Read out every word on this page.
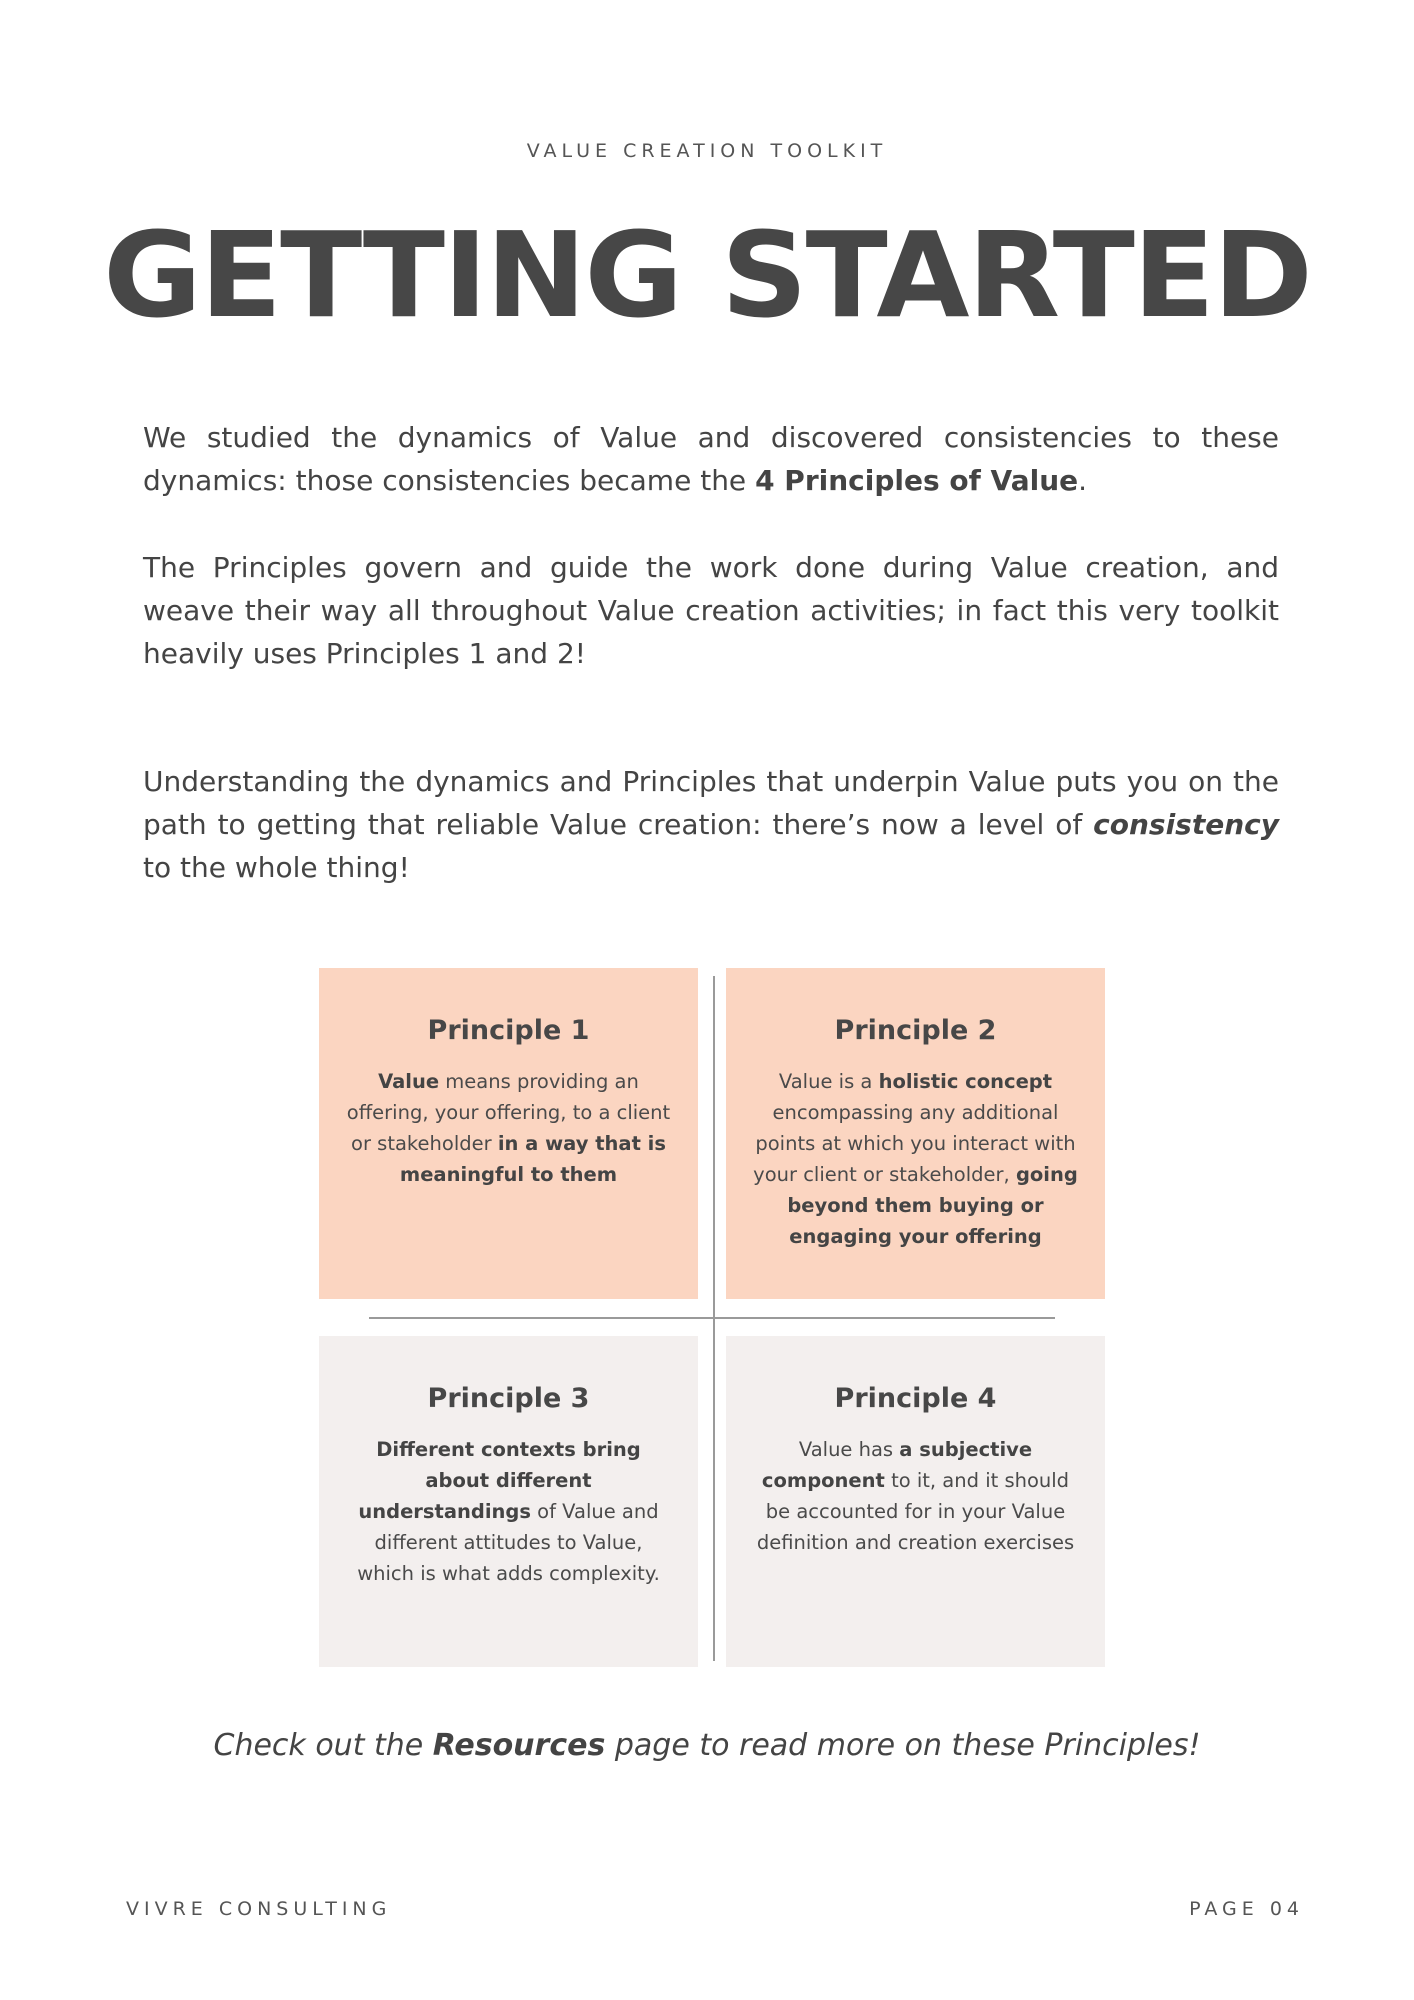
VALUE CREATION TOOLKIT
GETTING STARTED
We studied the dynamics of Value and discovered consistencies to these dynamics: those consistencies became the 4 Principles of Value.
The Principles govern and guide the work done during Value creation, and weave their way all throughout Value creation activities; in fact this very toolkit heavily uses Principles 1 and 2!
Understanding the dynamics and Principles that underpin Value puts you on the path to getting that reliable Value creation: there’s now a level of consistency to the whole thing!
Principle 1

Value means providing an offering, your offering, to a client or stakeholder in a way that is meaningful to them

Principle 2

Value is a holistic concept encompassing any additional points at which you interact with your client or stakeholder, going beyond them buying or engaging your offering

Principle 3

Different contexts bring about different understandings of Value and different attitudes to Value, which is what adds complexity.

Principle 4

Value has a subjective component to it, and it should be accounted for in your Value definition and creation exercises

Check out the Resources page to read more on these Principles!
VIVRE CONSULTING	PAGE 04
